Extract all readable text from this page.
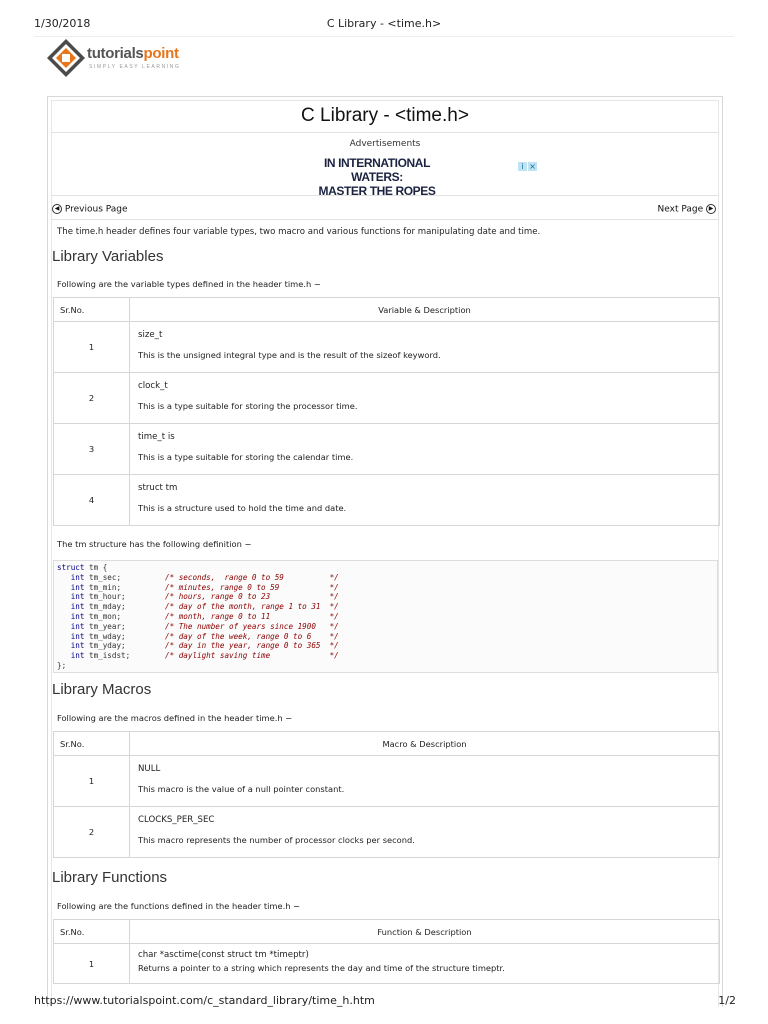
1/30/2018	C Library - <time.h>
tutorialspoint
SIMPLY EASY LEARNING
C Library - <time.h>
Advertisements
IN INTERNATIONAL WATERS:
MASTER THE ROPES
i ×
◀ Previous Page	Next Page ▶
The time.h header defines four variable types, two macro and various functions for manipulating date and time.
Library Variables
Following are the variable types defined in the header time.h −
Sr.No.	Variable & Description
1	size_t
This is the unsigned integral type and is the result of the sizeof keyword.

2	clock_t
This is a type suitable for storing the processor time.

3	time_t is
This is a type suitable for storing the calendar time.

4	struct tm
This is a structure used to hold the time and date.
The tm structure has the following definition −
struct tm {
int tm_sec;	/* seconds,  range 0 to 59          */
int tm_min;	/* minutes, range 0 to 59           */
int tm_hour;	/* hours, range 0 to 23             */
int tm_mday;	/* day of the month, range 1 to 31  */
int tm_mon;	/* month, range 0 to 11             */
int tm_year;	/* The number of years since 1900   */
int tm_wday;	/* day of the week, range 0 to 6    */
int tm_yday;	/* day in the year, range 0 to 365  */
int tm_isdst;	/* daylight saving time             */
};
Library Macros
Following are the macros defined in the header time.h −
Sr.No.	Macro & Description
1	NULL
This macro is the value of a null pointer constant.

2	CLOCKS_PER_SEC
This macro represents the number of processor clocks per second.
Library Functions
Following are the functions defined in the header time.h −
Sr.No.	Function & Description
1	char *asctime(const struct tm *timeptr)
Returns a pointer to a string which represents the day and time of the structure timeptr.
https://www.tutorialspoint.com/c_standard_library/time_h.htm	1/2
